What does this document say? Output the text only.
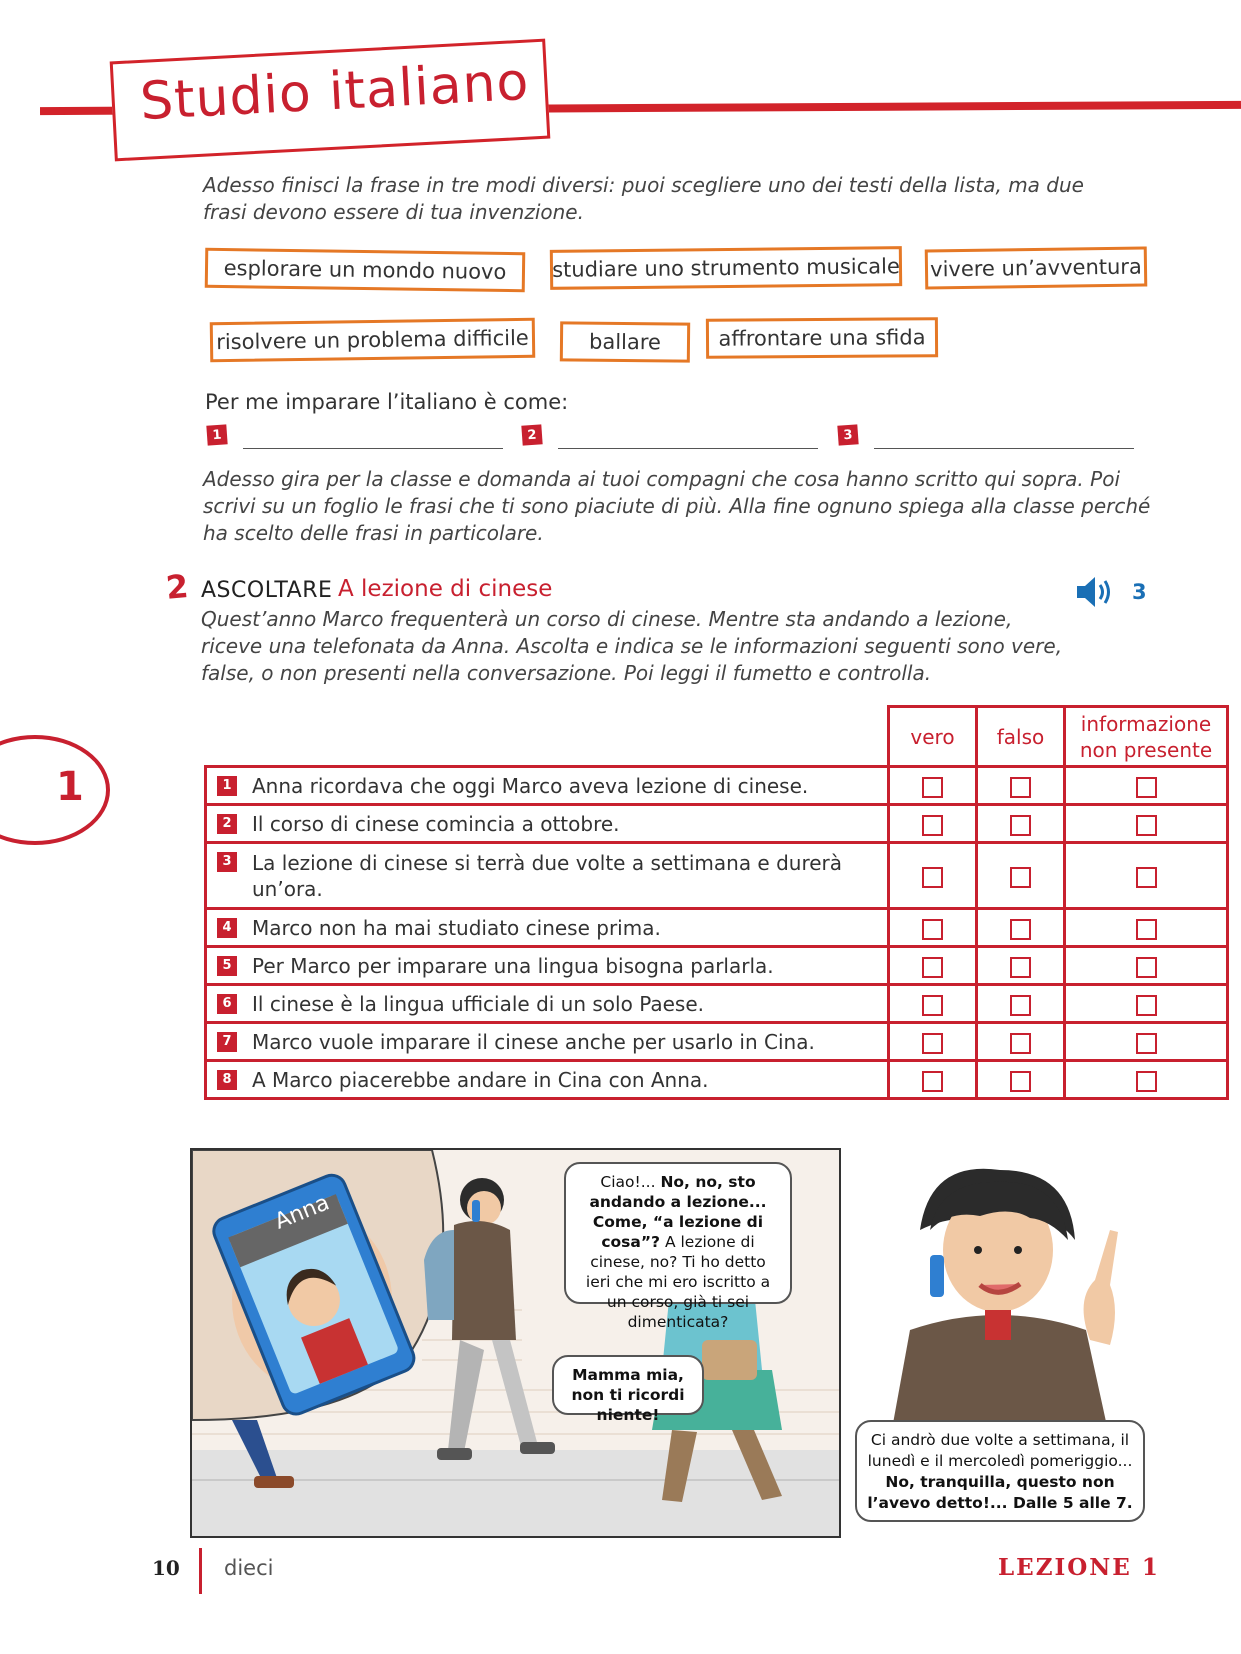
Studio italiano
Adesso finisci la frase in tre modi diversi: puoi scegliere uno dei testi della lista, ma due frasi devono essere di tua invenzione.
esplorare un mondo nuovo	studiare uno strumento musicale vivere un’avventura
risolvere un problema difficile	ballare	affrontare una sfida
Per me imparare l’italiano è come:
1	2	3
Adesso gira per la classe e domanda ai tuoi compagni che cosa hanno scritto qui sopra. Poi scrivi su un foglio le frasi che ti sono piaciute di più. Alla fine ognuno spiega alla classe perché ha scelto delle frasi in particolare.
2 ASCOLTARE A lezione di cinese	3
Quest’anno Marco frequenterà un corso di cinese. Mentre sta andando a lezione, riceve una telefonata da Anna. Ascolta e indica se le informazioni seguenti sono vere, false, o non presenti nella conversazione. Poi leggi il fumetto e controlla.
1
	vero	falso	informazione non presente

1 Anna ricordava che oggi Marco aveva lezione di cinese.			

2 Il corso di cinese comincia a ottobre.			

3 La lezione di cinese si terrà due volte a settimana e durerà un’ora.			

4 Marco non ha mai studiato cinese prima.			

5 Per Marco per imparare una lingua bisogna parlarla.			

6 Il cinese è la lingua ufficiale di un solo Paese.			

7 Marco vuole imparare il cinese anche per usarlo in Cina.			

8 A Marco piacerebbe andare in Cina con Anna.			
Anna
Ciao!... No, no, sto andando a lezione... Come, “a lezione di cosa”? A lezione di cinese, no? Ti ho detto ieri che mi ero iscritto a un corso, già ti sei dimenticata?
Mamma mia, non ti ricordi niente!
Ci andrò due volte a settimana, il lunedì e il mercoledì pomeriggio... No, tranquilla, questo non l’avevo detto!... Dalle 5 alle 7.
10 dieci	LEZIONE 1
